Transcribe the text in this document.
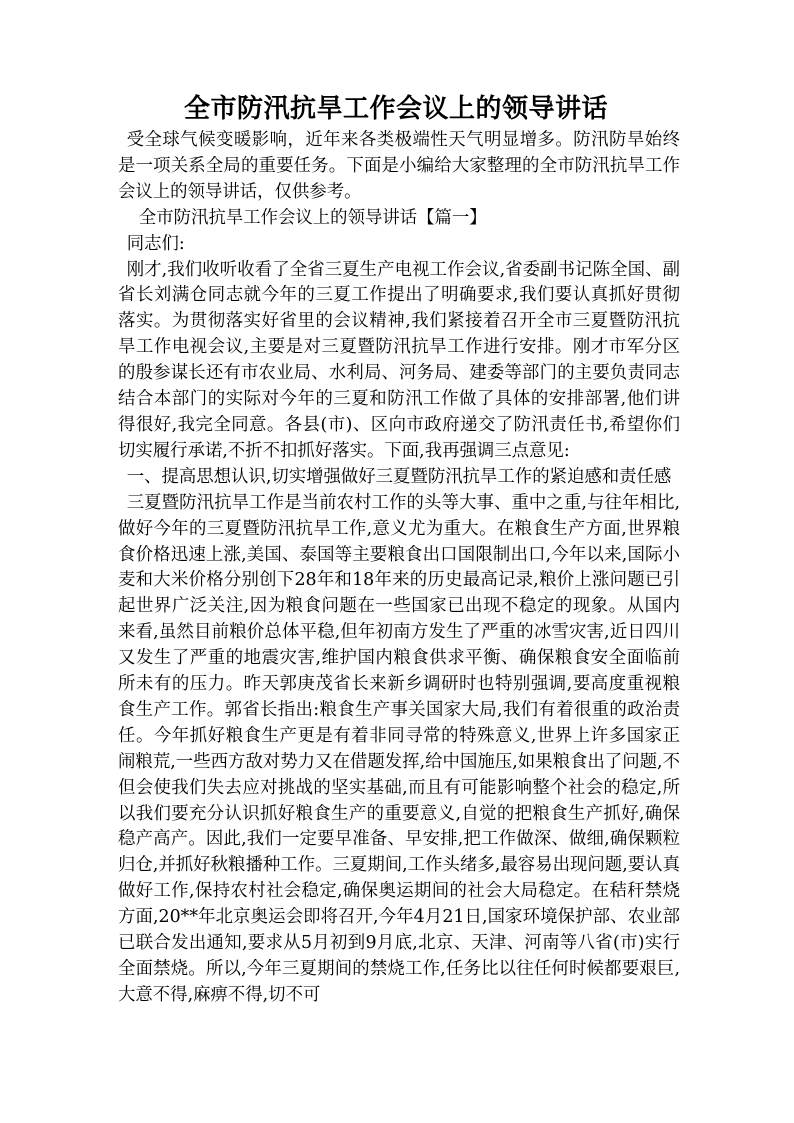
全市防汛抗旱工作会议上的领导讲话

受全球气候变暖影响，近年来各类极端性天气明显增多。防汛防旱始终是一项关系全局的重要任务。下面是小编给大家整理的全市防汛抗旱工作会议上的领导讲话，仅供参考。

全市防汛抗旱工作会议上的领导讲话【篇一】

同志们:

刚才,我们收听收看了全省三夏生产电视工作会议,省委副书记陈全国、副省长刘满仓同志就今年的三夏工作提出了明确要求,我们要认真抓好贯彻落实。为贯彻落实好省里的会议精神,我们紧接着召开全市三夏暨防汛抗旱工作电视会议,主要是对三夏暨防汛抗旱工作进行安排。刚才市军分区的殷参谋长还有市农业局、水利局、河务局、建委等部门的主要负责同志结合本部门的实际对今年的三夏和防汛工作做了具体的安排部署,他们讲得很好,我完全同意。各县(市)、区向市政府递交了防汛责任书,希望你们切实履行承诺,不折不扣抓好落实。下面,我再强调三点意见:

一、提高思想认识,切实增强做好三夏暨防汛抗旱工作的紧迫感和责任感

三夏暨防汛抗旱工作是当前农村工作的头等大事、重中之重,与往年相比,做好今年的三夏暨防汛抗旱工作,意义尤为重大。在粮食生产方面,世界粮食价格迅速上涨,美国、泰国等主要粮食出口国限制出口,今年以来,国际小麦和大米价格分别创下28年和18年来的历史最高记录,粮价上涨问题已引起世界广泛关注,因为粮食问题在一些国家已出现不稳定的现象。从国内来看,虽然目前粮价总体平稳,但年初南方发生了严重的冰雪灾害,近日四川又发生了严重的地震灾害,维护国内粮食供求平衡、确保粮食安全面临前所未有的压力。昨天郭庚茂省长来新乡调研时也特别强调,要高度重视粮食生产工作。郭省长指出:粮食生产事关国家大局,我们有着很重的政治责任。今年抓好粮食生产更是有着非同寻常的特殊意义,世界上许多国家正闹粮荒,一些西方敌对势力又在借题发挥,给中国施压,如果粮食出了问题,不但会使我们失去应对挑战的坚实基础,而且有可能影响整个社会的稳定,所以我们要充分认识抓好粮食生产的重要意义,自觉的把粮食生产抓好,确保稳产高产。因此,我们一定要早准备、早安排,把工作做深、做细,确保颗粒归仓,并抓好秋粮播种工作。三夏期间,工作头绪多,最容易出现问题,要认真做好工作,保持农村社会稳定,确保奥运期间的社会大局稳定。在秸秆禁烧方面,20**年北京奥运会即将召开,今年4月21日,国家环境保护部、农业部已联合发出通知,要求从5月初到9月底,北京、天津、河南等八省(市)实行全面禁烧。所以,今年三夏期间的禁烧工作,任务比以往任何时候都要艰巨,大意不得,麻痹不得,切不可
